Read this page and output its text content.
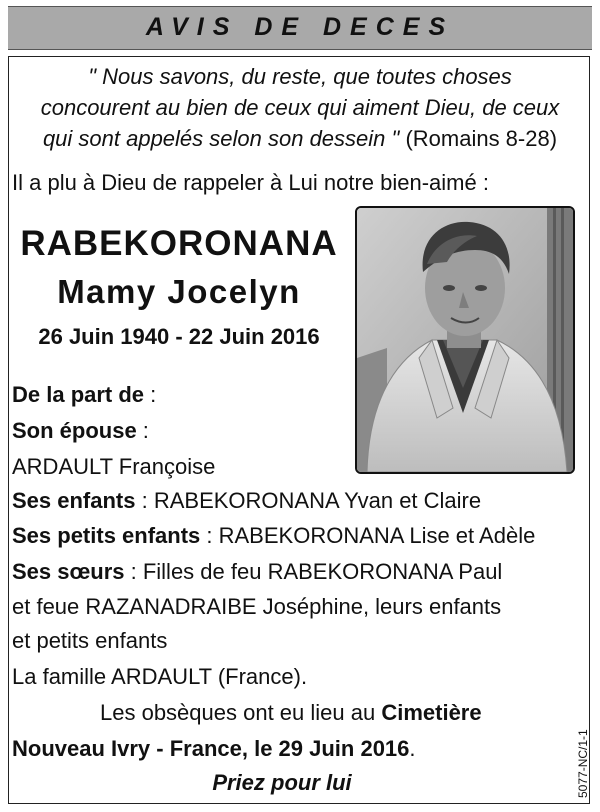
AVIS DE DECES
" Nous savons, du reste, que toutes choses
concourent au bien de ceux qui aiment Dieu, de ceux
qui sont appelés selon son dessein " (Romains 8-28)
Il a plu à Dieu de rappeler à Lui notre bien-aimé :
RABEKORONANA
Mamy Jocelyn
26 Juin 1940 - 22 Juin 2016
De la part de :
Son épouse :
ARDAULT Françoise
Ses enfants : RABEKORONANA Yvan et Claire
Ses petits enfants : RABEKORONANA Lise et Adèle
Ses sœurs : Filles de feu RABEKORONANA Paul
et feue RAZANADRAIBE Joséphine, leurs enfants
et petits enfants
La famille ARDAULT (France).
Les obsèques ont eu lieu au Cimetière
Nouveau Ivry - France, le 29 Juin 2016.
Priez pour lui	5077-NC/1-1
